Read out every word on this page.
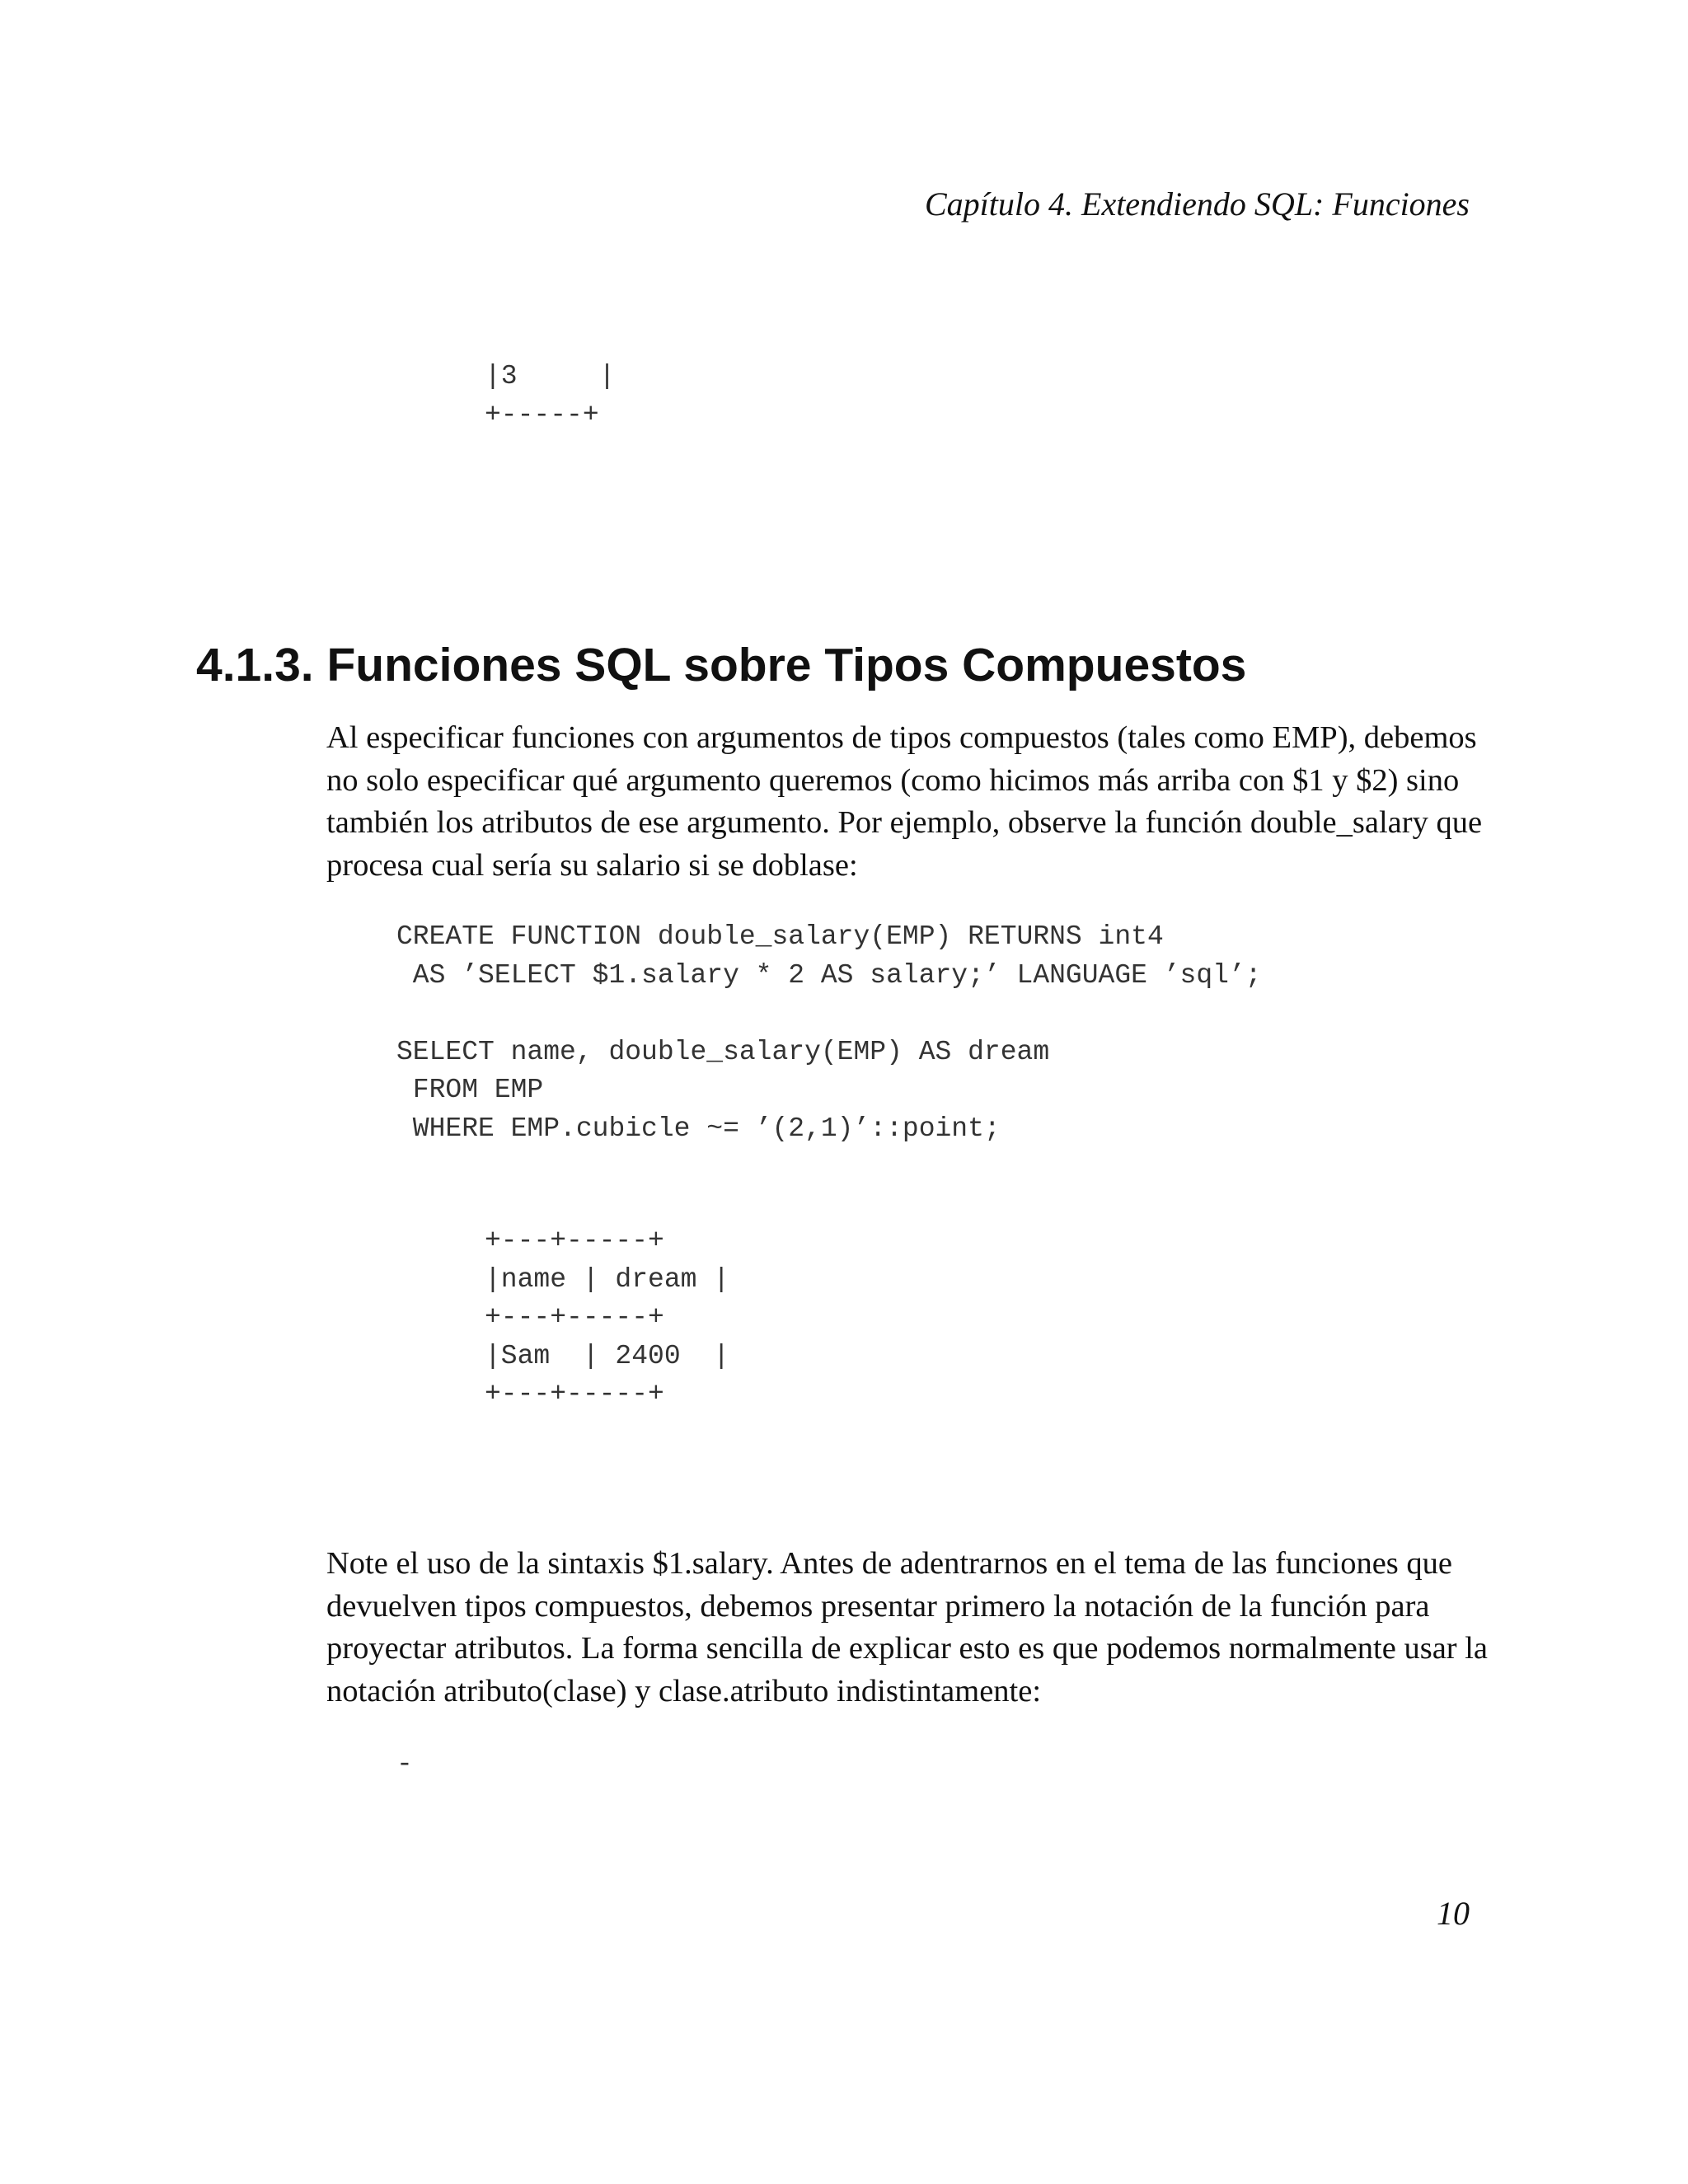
Capítulo 4. Extendiendo SQL: Funciones

|3     |
+-----+
4.1.3. Funciones SQL sobre Tipos Compuestos

Al especificar funciones con argumentos de tipos compuestos (tales como EMP), debemos no solo especificar qué argumento queremos (como hicimos más arriba con $1 y $2) sino también los atributos de ese argumento. Por ejemplo, observe la función double_salary que procesa cual sería su salario si se doblase:

CREATE FUNCTION double_salary(EMP) RETURNS int4
AS ’SELECT $1.salary * 2 AS salary;’ LANGUAGE ’sql’;

SELECT name, double_salary(EMP) AS dream
FROM EMP
WHERE EMP.cubicle ~= ’(2,1)’::point;
+---+-----+
|name | dream |
+---+-----+
|Sam  | 2400  |
+---+-----+

Note el uso de la sintaxis $1.salary. Antes de adentrarnos en el tema de las funciones que devuelven tipos compuestos, debemos presentar primero la notación de la función para proyectar atributos. La forma sencilla de explicar esto es que podemos normalmente usar la notación atributo(clase) y clase.atributo indistintamente:

-

10
